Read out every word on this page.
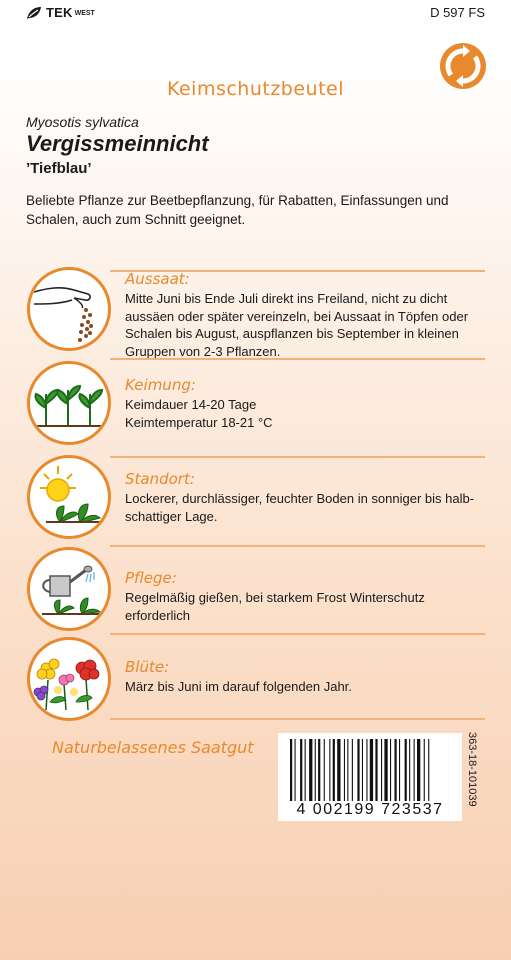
TEK WEST	D 597 FS
Keimschutzbeutel
Myosotis sylvatica
Vergissmeinnicht
’Tiefblau’
Beliebte Pflanze zur Beetbepflanzung, für Rabatten, Einfassungen und Schalen, auch zum Schnitt geeignet.
Aussaat:
Mitte Juni bis Ende Juli direkt ins Freiland, nicht zu dicht aussäen oder später vereinzeln, bei Aussaat in Töpfen oder Schalen bis August, auspflanzen bis September in kleinen Gruppen von 2-3 Pflanzen.
Keimung:
Keimdauer 14-20 Tage
Keimtemperatur 18-21 °C
Standort:
Lockerer, durchlässiger, feuchter Boden in sonniger bis halb-schattiger Lage.
Pflege:
Regelmäßig gießen, bei starkem Frost Winterschutz erforderlich
Blüte:
März bis Juni im darauf folgenden Jahr.
Naturbelassenes Saatgut
4 002199 723537
363-18-101039
